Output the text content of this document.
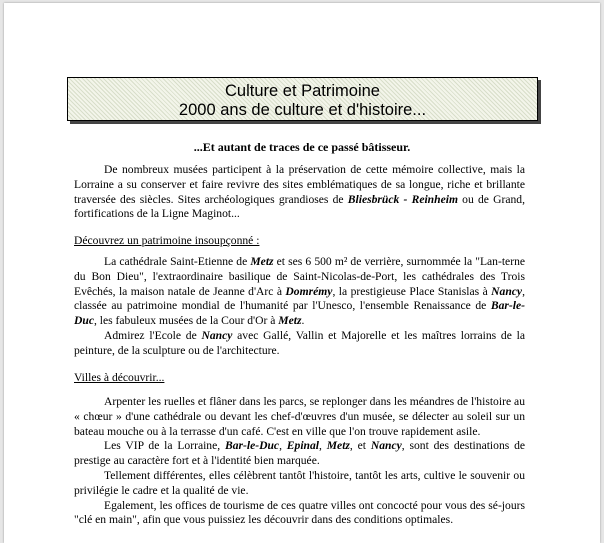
Culture et Patrimoine
2000 ans de culture et d'histoire...
...Et autant de traces de ce passé bâtisseur.

De nombreux musées participent à la préservation de cette mémoire collective, mais la Lorraine a su conserver et faire revivre des sites emblématiques de sa longue, riche et brillante traversée des siècles. Sites archéologiques grandioses de Bliesbrück - Reinheim ou de Grand, fortifications de la Ligne Maginot...

Découvrez un patrimoine insoupçonné :

La cathédrale Saint-Etienne de Metz et ses 6 500 m² de verrière, surnommée la "Lan-terne du Bon Dieu", l'extraordinaire basilique de Saint-Nicolas-de-Port, les cathédrales des Trois Evêchés, la maison natale de Jeanne d'Arc à Domrémy, la prestigieuse Place Stanislas à Nancy, classée au patrimoine mondial de l'humanité par l'Unesco, l'ensemble Renaissance de Bar-le-Duc, les fabuleux musées de la Cour d'Or à Metz.

Admirez l'Ecole de Nancy avec Gallé, Vallin et Majorelle et les maîtres lorrains de la peinture, de la sculpture ou de l'architecture.

Villes à découvrir...

Arpenter les ruelles et flâner dans les parcs, se replonger dans les méandres de l'histoire au « chœur » d'une cathédrale ou devant les chef-d'œuvres d'un musée, se délecter au soleil sur un bateau mouche ou à la terrasse d'un café. C'est en ville que l'on trouve rapidement asile.

Les VIP de la Lorraine, Bar-le-Duc, Epinal, Metz, et Nancy, sont des destinations de prestige au caractère fort et à l'identité bien marquée.

Tellement différentes, elles célèbrent tantôt l'histoire, tantôt les arts, cultive le souvenir ou privilégie le cadre et la qualité de vie.

Egalement, les offices de tourisme de ces quatre villes ont concocté pour vous des sé-jours "clé en main", afin que vous puissiez les découvrir dans des conditions optimales.
